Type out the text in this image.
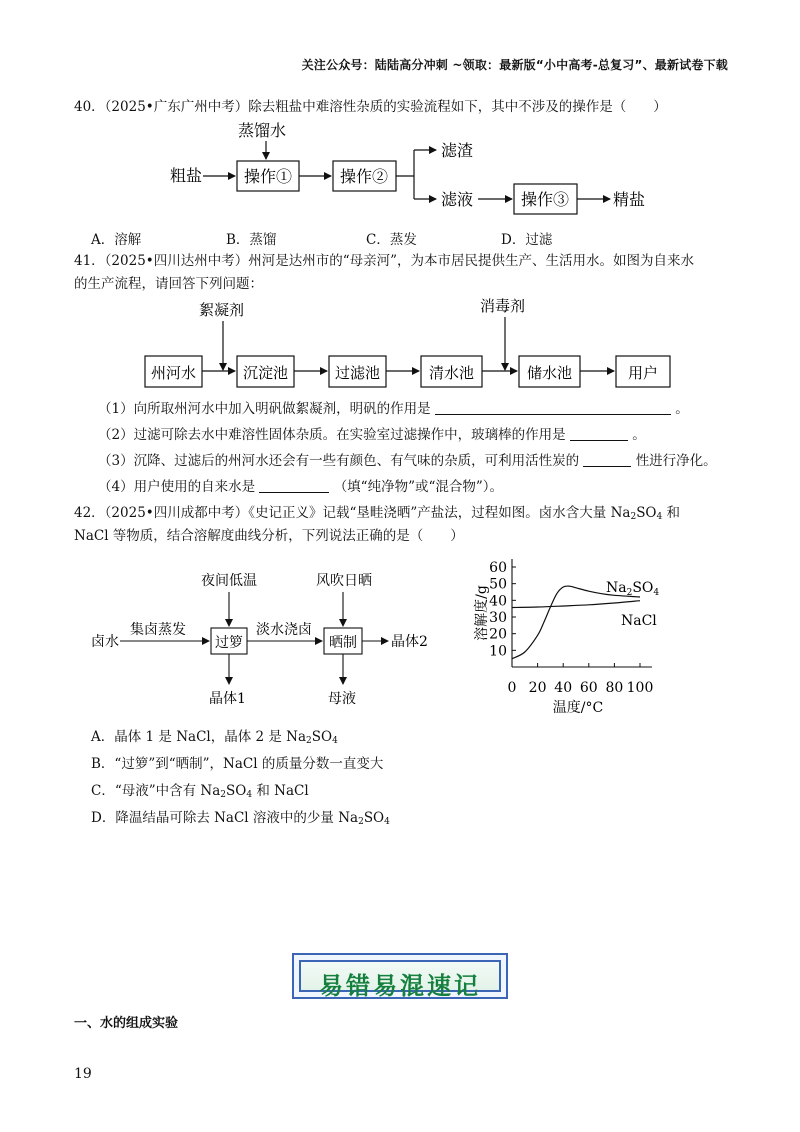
关注公众号：陆陆高分冲刺 ~领取：最新版“小中高考-总复习”、最新试卷下载
40．（2025•广东广州中考）除去粗盐中难溶性杂质的实验流程如下，其中不涉及的操作是（　　）
蒸馏水
粗盐	操作①	操作②
滤渣
滤液	操作③	精盐
絮凝剂	消毒剂
州河水	沉淀池	过滤池	清水池	储水池	用户
夜间低温	风吹日晒
卤水
集卤蒸发
过箩
淡水浇卤
晒制 晶体2
晶体1	母液
10
20
30
40
50
60
0 20 40 60 80 100
溶解度/g
温度/°C
$Na_2SO_4$
NaCl
A．溶解	B．蒸馏	C．蒸发	D．过滤
41．（2025•四川达州中考）州河是达州市的“母亲河”，为本市居民提供生产、生活用水。如图为自来水
的生产流程，请回答下列问题：
（1）向所取州河水中加入明矾做絮凝剂，明矾的作用是	。
（2）过滤可除去水中难溶性固体杂质。在实验室过滤操作中，玻璃棒的作用是	。
（3）沉降、过滤后的州河水还会有一些有颜色、有气味的杂质，可利用活性炭的	性进行净化。
（4）用户使用的自来水是	（填“纯净物”或“混合物”）。
42．（2025•四川成都中考）《史记正义》记载“垦畦浇晒”产盐法，过程如图。卤水含大量 $Na_2SO_4$ 和
NaCl 等物质，结合溶解度曲线分析，下列说法正确的是（　　）
A．晶体 1 是 NaCl，晶体 2 是 $Na_2SO_4$
B．“过箩”到“晒制”，NaCl 的质量分数一直变大
C．“母液”中含有 $Na_2SO_4$ 和 NaCl
D．降温结晶可除去 NaCl 溶液中的少量 $Na_2SO_4$
易错易混速记
一、水的组成实验
19
